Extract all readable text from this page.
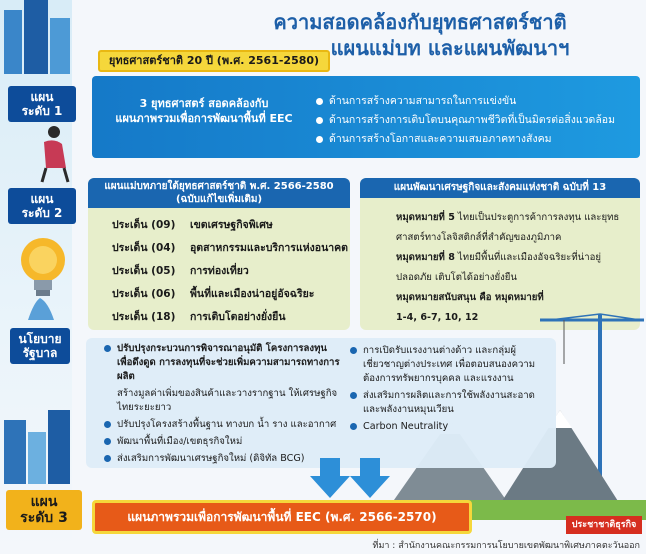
ความสอดคล้องกับยุทธศาสตร์ชาติ
แผนแม่บท และแผนพัฒนาฯ
แผน
ระดับ 1
แผน
ระดับ 2
นโยบาย
รัฐบาล
แผน
ระดับ 3
ยุทธศาสตร์ชาติ 20 ปี (พ.ศ. 2561-2580)
3 ยุทธศาสตร์ สอดคล้องกับ
แผนภาพรวมเพื่อการพัฒนาพื้นที่ EEC
ด้านการสร้างความสามารถในการแข่งขัน
ด้านการสร้างการเติบโตบนคุณภาพชีวิตที่เป็นมิตรต่อสิ่งแวดล้อม
ด้านการสร้างโอกาสและความเสมอภาคทางสังคม
แผนแม่บทภายใต้ยุทธศาสตร์ชาติ พ.ศ. 2566-2580
(ฉบับแก้ไขเพิ่มเติม)
ประเด็น (09)	เขตเศรษฐกิจพิเศษ
ประเด็น (04)	อุตสาหกรรมและบริการแห่งอนาคต
ประเด็น (05)	การท่องเที่ยว
ประเด็น (06)	พื้นที่และเมืองน่าอยู่อัจฉริยะ
ประเด็น (18)	การเติบโตอย่างยั่งยืน
แผนพัฒนาเศรษฐกิจและสังคมแห่งชาติ ฉบับที่ 13
หมุดหมายที่ 5 ไทยเป็นประตูการค้าการลงทุน และยุทธศาสตร์ทางโลจิสติกส์ที่สำคัญของภูมิภาค
หมุดหมายที่ 8 ไทยมีพื้นที่และเมืองอัจฉริยะที่น่าอยู่ ปลอดภัย เติบโตได้อย่างยั่งยืน
หมุดหมายสนับสนุน คือ หมุดหมายที่
1-4, 6-7, 10, 12
ปรับปรุงกระบวนการพิจารณาอนุมัติ โครงการลงทุนเพื่อดึงดูด การลงทุนที่จะช่วยเพิ่มความสามารถทางการผลิต
สร้างมูลค่าเพิ่มของสินค้าและวางรากฐาน ให้เศรษฐกิจไทยระยะยาว
ปรับปรุงโครงสร้างพื้นฐาน ทางบก น้ำ ราง และอากาศ
พัฒนาพื้นที่เมือง/เขตธุรกิจใหม่
ส่งเสริมการพัฒนาเศรษฐกิจใหม่ (ดิจิทัล BCG)
การเปิดรับแรงงานต่างด้าว และกลุ่มผู้เชี่ยวชาญต่างประเทศ เพื่อตอบสนองความต้องการทรัพยากรบุคคล และแรงงาน
ส่งเสริมการผลิตและการใช้พลังงานสะอาด และพลังงานหมุนเวียน
Carbon Neutrality
แผนภาพรวมเพื่อการพัฒนาพื้นที่ EEC (พ.ศ. 2566-2570)
ประชาชาติธุรกิจ
ที่มา : สำนักงานคณะกรรมการนโยบายเขตพัฒนาพิเศษภาคตะวันออก
